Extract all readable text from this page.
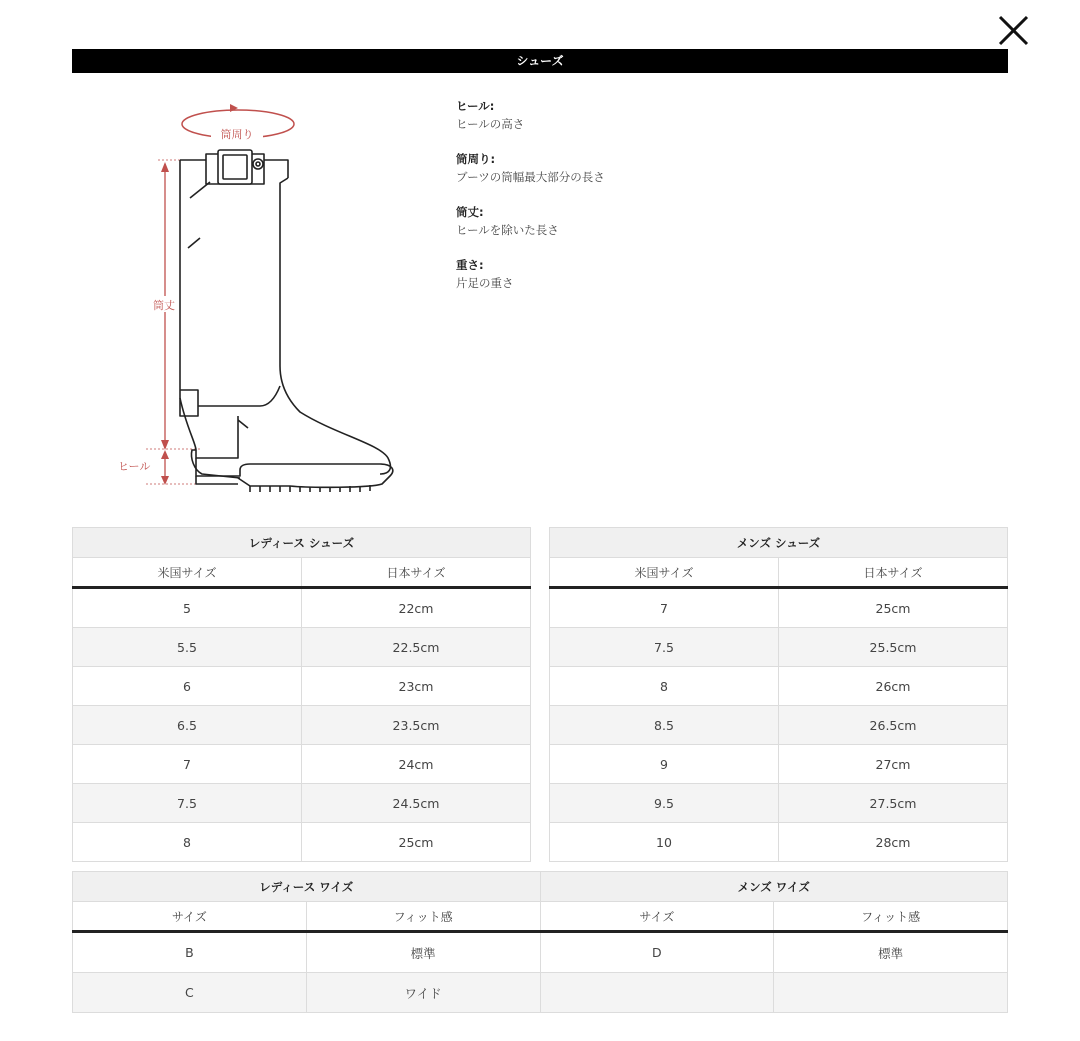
シューズ
筒周り
筒丈
ヒール
ヒール:
ヒールの高さ
筒周り:
ブーツの筒幅最大部分の長さ
筒丈:
ヒールを除いた長さ
重さ:
片足の重さ
レディース シューズ	
米国サイズ	日本サイズ
5	22cm
5.5	22.5cm
6	23cm
6.5	23.5cm
7	24cm
7.5	24.5cm
8	25cm
メンズ シューズ	
米国サイズ	日本サイズ
7	25cm
7.5	25.5cm
8	26cm
8.5	26.5cm
9	27cm
9.5	27.5cm
10	28cm
レディース ワイズ		メンズ ワイズ	
サイズ	フィット感	サイズ	フィット感
B	標準	D	標準
C	ワイド		
